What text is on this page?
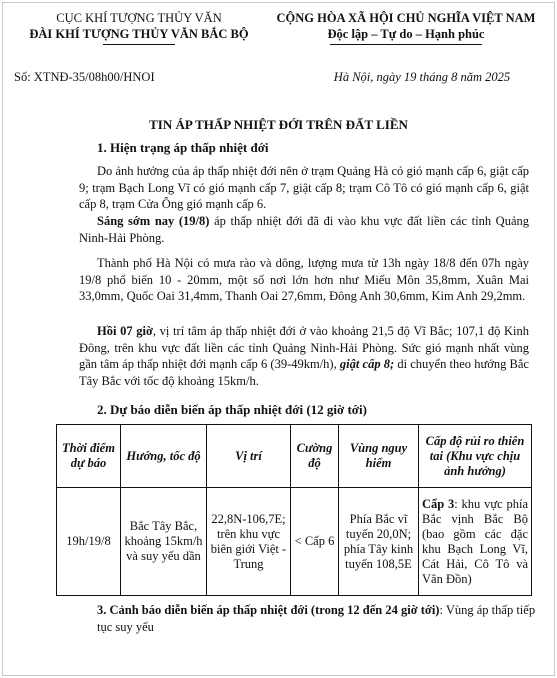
CỤC KHÍ TƯỢNG THỦY VĂN
ĐÀI KHÍ TƯỢNG THỦY VĂN BẮC BỘ
CỘNG HÒA XÃ HỘI CHỦ NGHĨA VIỆT NAM
Độc lập – Tự do – Hạnh phúc
Số: XTNĐ-35/08h00/HNOI	Hà Nội, ngày 19 tháng 8 năm 2025
TIN ÁP THẤP NHIỆT ĐỚI TRÊN ĐẤT LIỀN
1. Hiện trạng áp thấp nhiệt đới
Do ảnh hưởng của áp thấp nhiệt đới nên ở trạm Quảng Hà có gió mạnh cấp 6, giật cấp 9; trạm Bạch Long Vĩ có gió mạnh cấp 7, giật cấp 8; trạm Cô Tô có gió mạnh cấp 6, giật cấp 8, trạm Cửa Ông gió mạnh cấp 6.
Sáng sớm nay (19/8) áp thấp nhiệt đới đã đi vào khu vực đất liền các tỉnh Quảng Ninh-Hải Phòng.
Thành phố Hà Nội có mưa rào và dông, lượng mưa từ 13h ngày 18/8 đến 07h ngày 19/8 phổ biến 10 - 20mm, một số nơi lớn hơn như Miếu Môn 35,8mm, Xuân Mai 33,0mm, Quốc Oai 31,4mm, Thanh Oai 27,6mm, Đông Anh 30,6mm, Kim Anh 29,2mm.
Hồi 07 giờ, vị trí tâm áp thấp nhiệt đới ở vào khoảng 21,5 độ Vĩ Bắc; 107,1 độ Kinh Đông, trên khu vực đất liền các tỉnh Quảng Ninh-Hải Phòng. Sức gió mạnh nhất vùng gần tâm áp thấp nhiệt đới mạnh cấp 6 (39-49km/h), giật cấp 8; di chuyển theo hướng Bắc Tây Bắc với tốc độ khoảng 15km/h.
2. Dự báo diễn biến áp thấp nhiệt đới (12 giờ tới)
Thời điểm dự báo	Hướng, tốc độ	Vị trí	Cường độ	Vùng nguy hiểm	Cấp độ rủi ro thiên tai (Khu vực chịu ảnh hưởng)
19h/19/8	Bắc Tây Bắc, khoảng 15km/h và suy yếu dần	22,8N-106,7E; trên khu vực biên giới Việt -Trung	< Cấp 6	Phía Bắc vĩ tuyến 20,0N; phía Tây kinh tuyến 108,5E	Cấp 3: khu vực phía Bắc vịnh Bắc Bộ (bao gồm các đặc khu Bạch Long Vĩ, Cát Hải, Cô Tô và Vân Đồn)
3. Cảnh báo diễn biến áp thấp nhiệt đới (trong 12 đến 24 giờ tới): Vùng áp thấp tiếp tục suy yếu
